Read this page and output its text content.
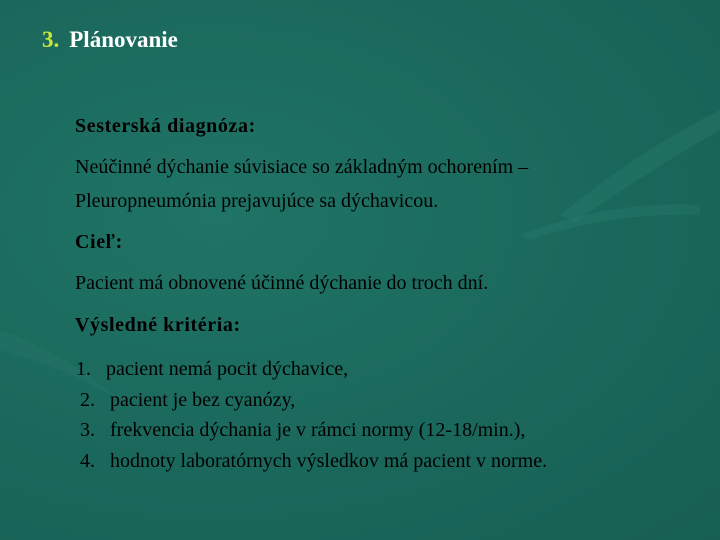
3. Plánovanie
Sesterská diagnóza:
Neúčinné dýchanie súvisiace so základným ochorením –
Pleuropneumónia prejavujúce sa dýchavicou.
Cieľ:
Pacient má obnovené účinné dýchanie do troch dní.
Výsledné kritéria:
1. pacient nemá pocit dýchavice,
2. pacient je bez cyanózy,
3. frekvencia dýchania je v rámci normy (12-18/min.),
4. hodnoty laboratórnych výsledkov má pacient v norme.
